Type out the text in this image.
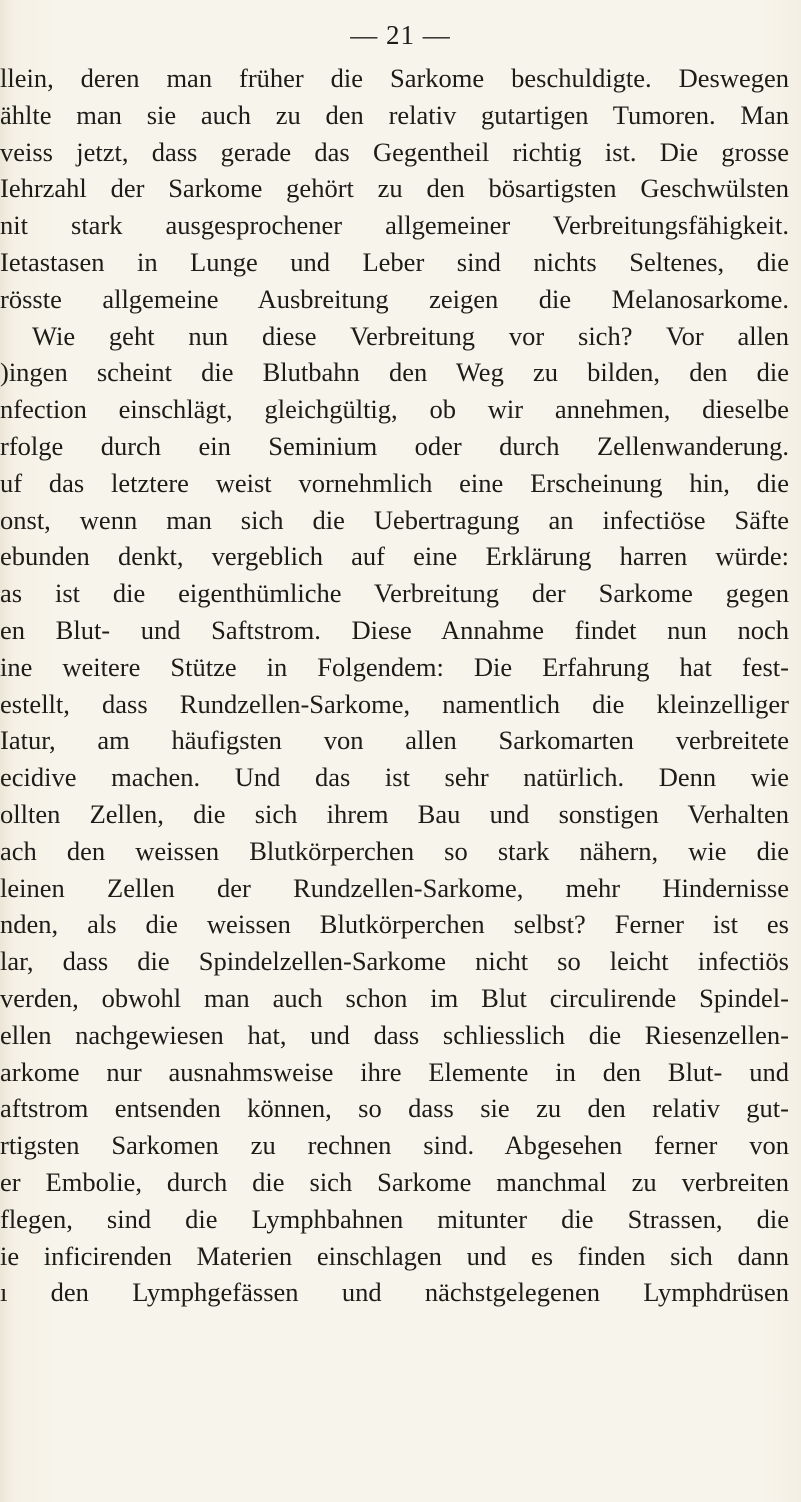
— 21 —
llein, deren man früher die Sarkome beschuldigte. Deswegen
ählte man sie auch zu den relativ gutartigen Tumoren. Man
veiss jetzt, dass gerade das Gegentheil richtig ist. Die grosse
Iehrzahl der Sarkome gehört zu den bösartigsten Geschwülsten
nit stark ausgesprochener allgemeiner Verbreitungsfähigkeit.
Ietastasen in Lunge und Leber sind nichts Seltenes, die
rösste allgemeine Ausbreitung zeigen die Melanosarkome.
Wie geht nun diese Verbreitung vor sich? Vor allen
)ingen scheint die Blutbahn den Weg zu bilden, den die
nfection einschlägt, gleichgültig, ob wir annehmen, dieselbe
rfolge durch ein Seminium oder durch Zellenwanderung.
uf das letztere weist vornehmlich eine Erscheinung hin, die
onst, wenn man sich die Uebertragung an infectiöse Säfte
ebunden denkt, vergeblich auf eine Erklärung harren würde:
as ist die eigenthümliche Verbreitung der Sarkome gegen
en Blut- und Saftstrom. Diese Annahme findet nun noch
ine weitere Stütze in Folgendem: Die Erfahrung hat fest-
estellt, dass Rundzellen-Sarkome, namentlich die kleinzelliger
Iatur, am häufigsten von allen Sarkomarten verbreitete
ecidive machen. Und das ist sehr natürlich. Denn wie
ollten Zellen, die sich ihrem Bau und sonstigen Verhalten
ach den weissen Blutkörperchen so stark nähern, wie die
leinen Zellen der Rundzellen-Sarkome, mehr Hindernisse
nden, als die weissen Blutkörperchen selbst? Ferner ist es
lar, dass die Spindelzellen-Sarkome nicht so leicht infectiös
verden, obwohl man auch schon im Blut circulirende Spindel-
ellen nachgewiesen hat, und dass schliesslich die Riesenzellen-
arkome nur ausnahmsweise ihre Elemente in den Blut- und
aftstrom entsenden können, so dass sie zu den relativ gut-
rtigsten Sarkomen zu rechnen sind. Abgesehen ferner von
er Embolie, durch die sich Sarkome manchmal zu verbreiten
flegen, sind die Lymphbahnen mitunter die Strassen, die
ie inficirenden Materien einschlagen und es finden sich dann
ı den Lymphgefässen und nächstgelegenen Lymphdrüsen
